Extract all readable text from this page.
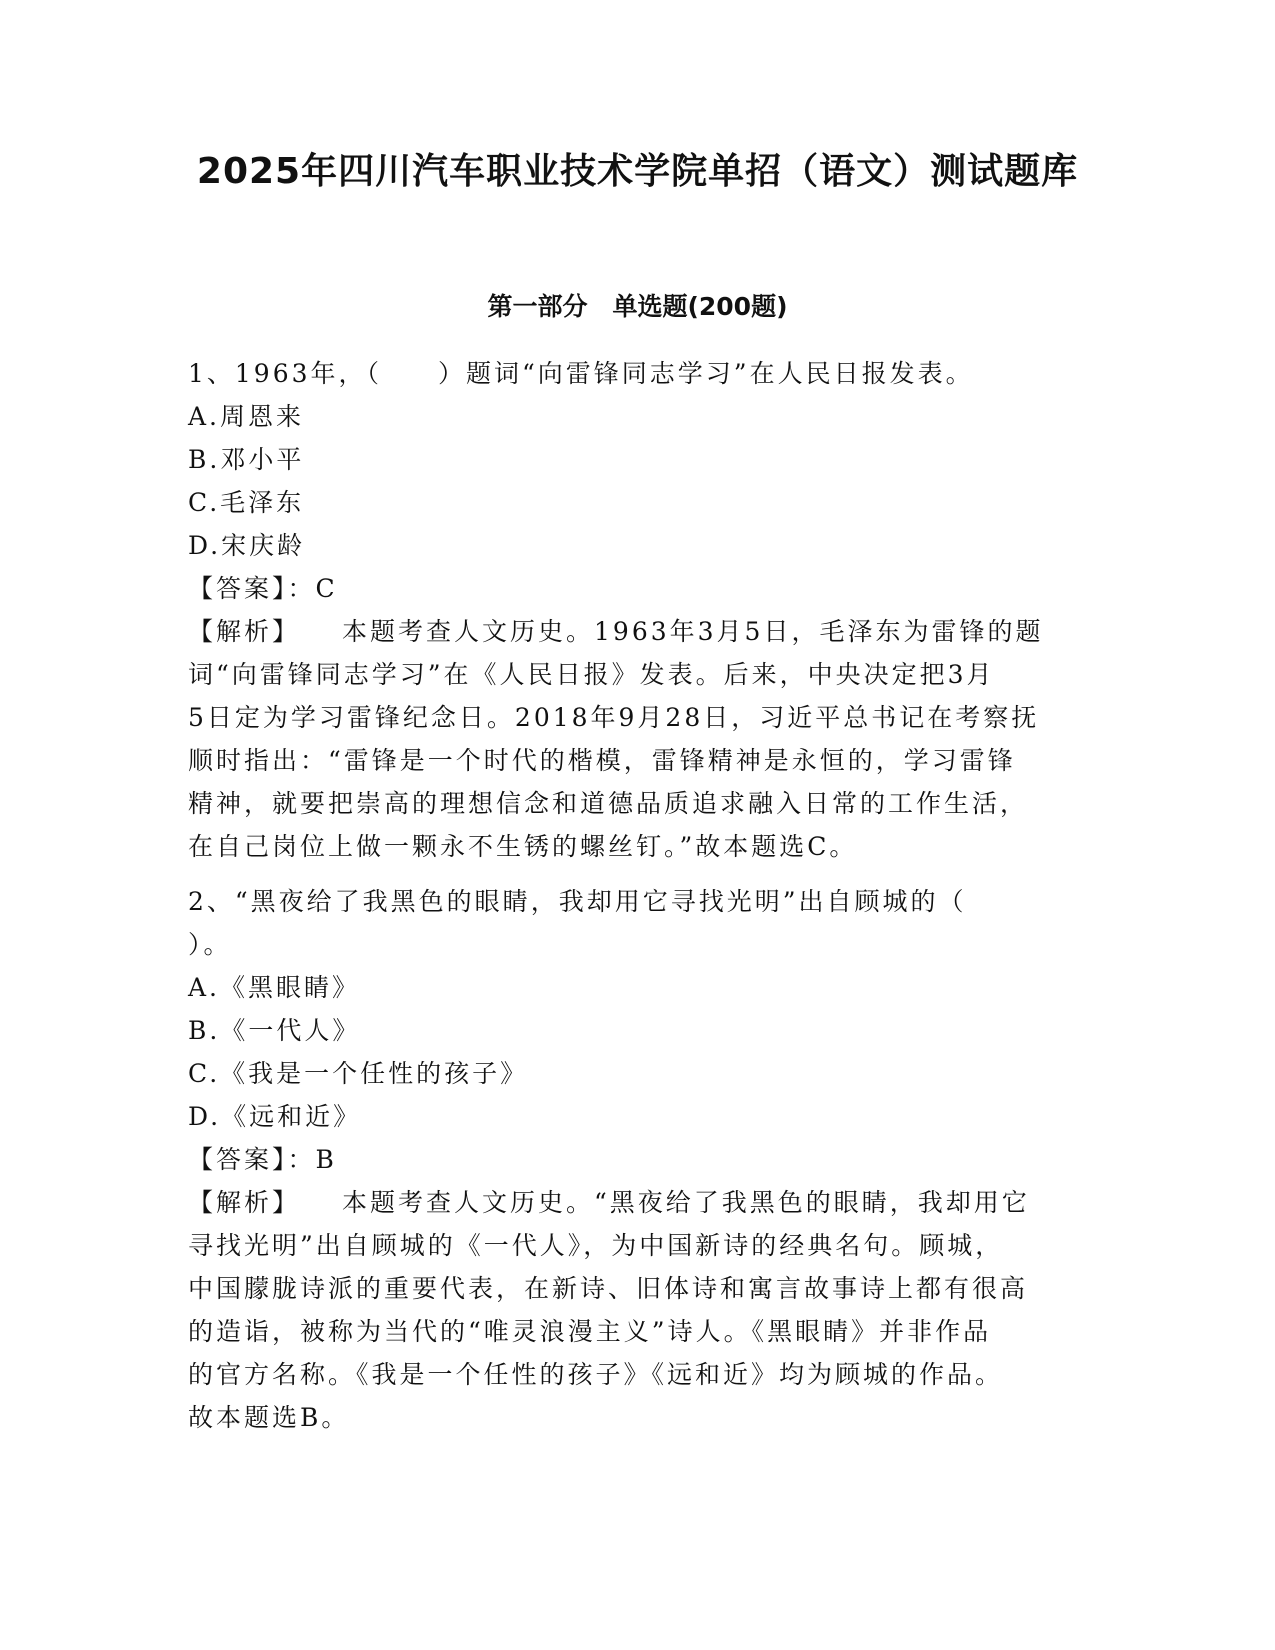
2025年四川汽车职业技术学院单招（语文）测试题库
第一部分　单选题(200题)
1、1963年，（　　）题词“向雷锋同志学习”在人民日报发表。
A.周恩来
B.邓小平
C.毛泽东
D.宋庆龄
【答案】：C
【解析】 本题考查人文历史。1963年3月5日，毛泽东为雷锋的题
词“向雷锋同志学习”在《人民日报》发表。后来，中央决定把3月
5日定为学习雷锋纪念日。2018年9月28日，习近平总书记在考察抚
顺时指出：“雷锋是一个时代的楷模，雷锋精神是永恒的，学习雷锋
精神，就要把崇高的理想信念和道德品质追求融入日常的工作生活，
在自己岗位上做一颗永不生锈的螺丝钉。”故本题选C。
2、“黑夜给了我黑色的眼睛，我却用它寻找光明”出自顾城的（
）。
A.《黑眼睛》
B.《一代人》
C.《我是一个任性的孩子》
D.《远和近》
【答案】：B
【解析】 本题考查人文历史。“黑夜给了我黑色的眼睛，我却用它
寻找光明”出自顾城的《一代人》，为中国新诗的经典名句。顾城，
中国朦胧诗派的重要代表，在新诗、旧体诗和寓言故事诗上都有很高
的造诣，被称为当代的“唯灵浪漫主义”诗人。《黑眼睛》并非作品
的官方名称。《我是一个任性的孩子》《远和近》均为顾城的作品。
故本题选B。
